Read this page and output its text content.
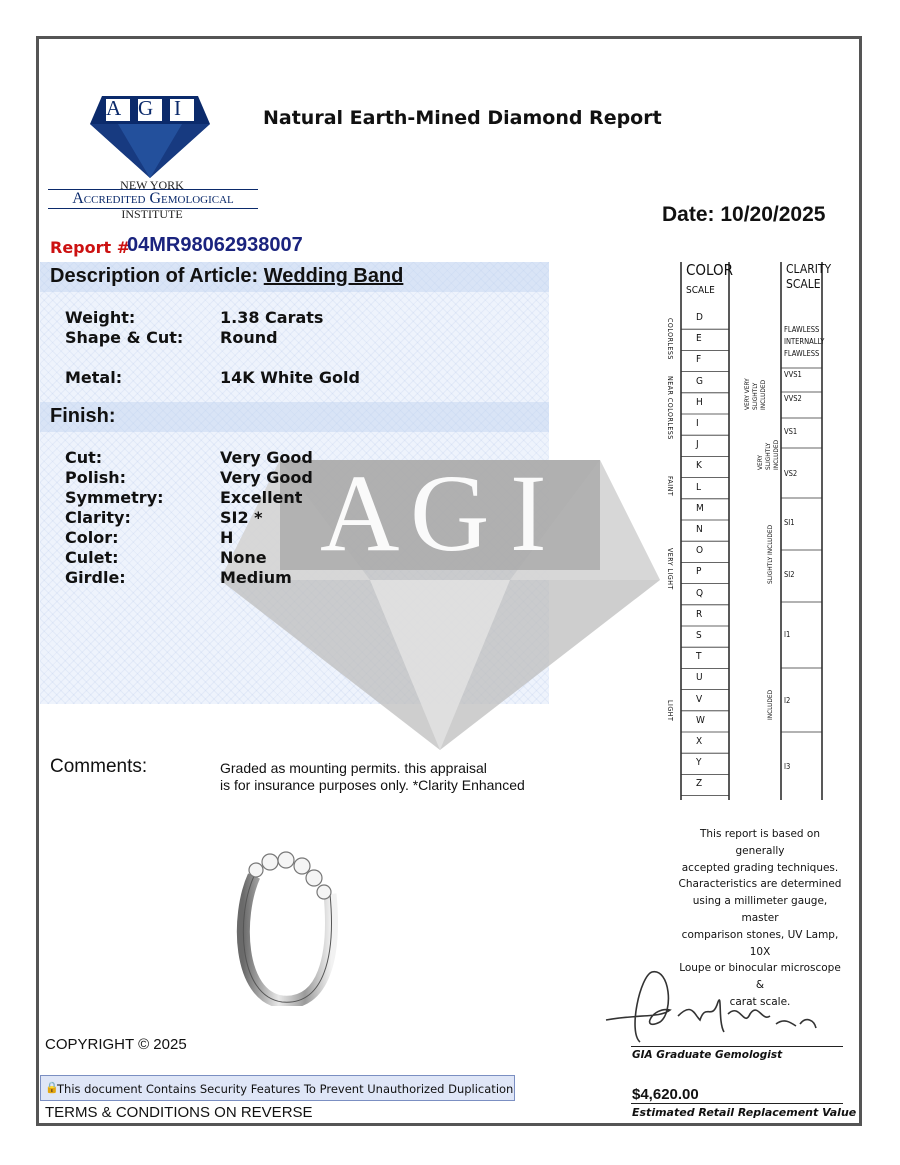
A G I
A G I
NEW YORK
Accredited Gemological
INSTITUTE
Natural Earth-Mined Diamond Report
Date: 10/20/2025
Report #
04MR98062938007
Description of Article: Wedding Band
Weight:	1.38 Carats
Shape & Cut: Round
Metal:	14K White Gold
Finish:
Cut:	Very Good
Polish:	Very Good
Symmetry:	Excellent
Clarity:	SI2 *
Color:	H
Culet:	None
Girdle:	Medium
Comments:	Graded as mounting permits. this appraisal
is for insurance purposes only. *Clarity Enhanced
COLOR
SCALE
CLARITY
SCALE
D
E
F
G
H
I
J
K
L
M
N
O
P
Q
R
S
T
U
V
W
X
Y
Z
COLORLESS
NEAR COLORLESS
FAINT
VERY LIGHT
LIGHT
FLAWLESS
INTERNALLY
FLAWLESS
VVS1
VVS2
VS1
VS2
SI1
SI2
I1
I2
I3
VERY VERY SLIGHTLY INCLUDED
VERY SLIGHTLY INCLUDED
SLIGHTLY INCLUDED
INCLUDED
This report is based on generally
accepted grading techniques.
Characteristics are determined
using a millimeter gauge, master
comparison stones, UV Lamp, 10X
Loupe or binocular microscope &
carat scale.
GIA Graduate Gemologist
$4,620.00
Estimated Retail Replacement Value
COPYRIGHT © 2025
🔒
This document Contains Security Features To Prevent Unauthorized Duplication
TERMS & CONDITIONS ON REVERSE
